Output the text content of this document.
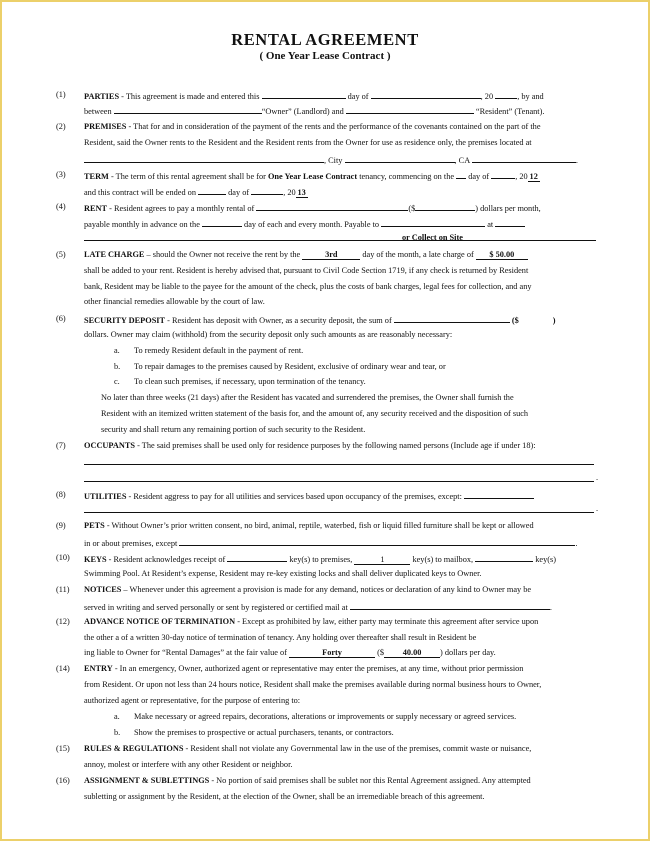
RENTAL AGREEMENT
( One Year Lease Contract )
(1) PARTIES - This agreement is made and entered this	day of	, 20	, by and
between	“Owner” (Landlord) and	“Resident” (Tenant).
(2) PREMISES - That for and in consideration of the payment of the rents and the performance of the covenants contained on the part of the
Resident, said the Owner rents to the Resident and the Resident rents from the Owner for use as residence only, the premises located at
, City	, CA	.
(3) TERM - The term of this rental agreement shall be for One Year Lease Contract tenancy, commencing on the day of	, 20 12
and this contract will be ended on	day of	, 20 13
(4) RENT - Resident agrees to pay a monthly rental of	($	) dollars per month,
payable monthly in advance on the	day of each and every month. Payable to	at
or Collect on Site
(5) LATE CHARGE – should the Owner not receive the rent by the	3rd	day of the month, a late charge of $ 50.00
shall be added to your rent. Resident is hereby advised that, pursuant to Civil Code Section 1719, if any check is returned by Resident
bank, Resident may be liable to the payee for the amount of the check, plus the costs of bank charges, legal fees for collection, and any
other financial remedies allowable by the court of law.
(6) SECURITY DEPOSIT - Resident has deposit with Owner, as a security deposit, the sum of	($	)
dollars. Owner may claim (withhold) from the security deposit only such amounts as are reasonably necessary:
a. To remedy Resident default in the payment of rent.
b. To repair damages to the premises caused by Resident, exclusive of ordinary wear and tear, or
c. To clean such premises, if necessary, upon termination of the tenancy.
No later than three weeks (21 days) after the Resident has vacated and surrendered the premises, the Owner shall furnish the
Resident with an itemized written statement of the basis for, and the amount of, any security received and the disposition of such
security and shall return any remaining portion of such security to the Resident.
(7) OCCUPANTS - The said premises shall be used only for residence purposes by the following named persons (Include age if under 18):
.
(8) UTILITIES - Resident aggress to pay for all utilities and services based upon occupancy of the premises, except:
.
(9) PETS - Without Owner’s prior written consent, no bird, animal, reptile, waterbed, fish or liquid filled furniture shall be kept or allowed
in or about premises, except	.
(10) KEYS - Resident acknowledges receipt of	key(s) to premises,	1	key(s) to mailbox,	key(s)
Swimming Pool. At Resident’s expense, Resident may re-key existing locks and shall deliver duplicated keys to Owner.
(11) NOTICES – Whenever under this agreement a provision is made for any demand, notices or declaration of any kind to Owner may be
served in writing and served personally or sent by registered or certified mail at	.
(12) ADVANCE NOTICE OF TERMINATION - Except as prohibited by law, either party may terminate this agreement after service upon
the other a of a written 30-day notice of termination of tenancy. Any holding over thereafter shall result in Resident be
ing liable to Owner for “Rental Damages” at the fair value of	Forty	($ 40.00 ) dollars per day.
(14) ENTRY - In an emergency, Owner, authorized agent or representative may enter the premises, at any time, without prior permission
from Resident. Or upon not less than 24 hours notice, Resident shall make the premises available during normal business hours to Owner,
authorized agent or representative, for the purpose of entering to:
a. Make necessary or agreed repairs, decorations, alterations or improvements or supply necessary or agreed services.
b. Show the premises to prospective or actual purchasers, tenants, or contractors.
(15) RULES & REGULATIONS - Resident shall not violate any Governmental law in the use of the premises, commit waste or nuisance,
annoy, molest or interfere with any other Resident or neighbor.
(16) ASSIGNMENT & SUBLETTINGS - No portion of said premises shall be sublet nor this Rental Agreement assigned. Any attempted
subletting or assignment by the Resident, at the election of the Owner, shall be an irremediable breach of this agreement.
